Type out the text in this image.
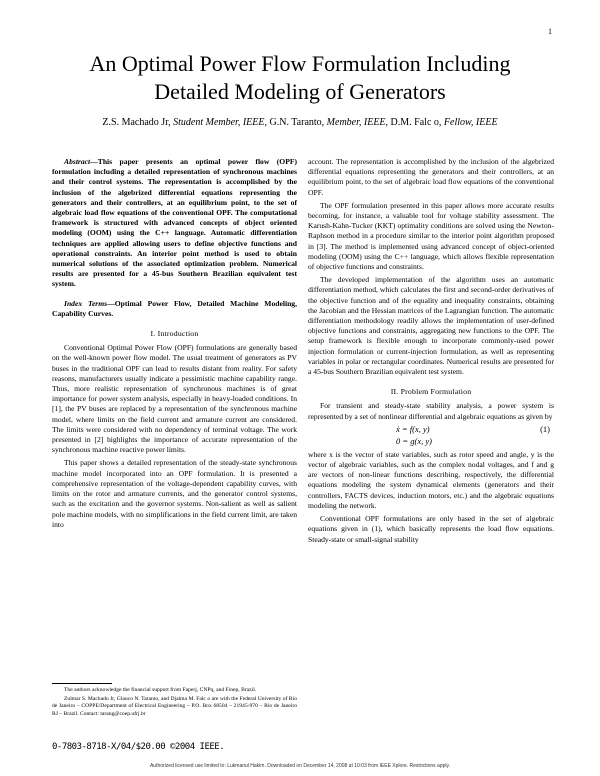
1
An Optimal Power Flow Formulation Including
Detailed Modeling of Generators
Z.S. Machado Jr, Student Member, IEEE, G.N. Taranto, Member, IEEE, D.M. Falc o, Fellow, IEEE

Abstract—This paper presents an optimal power flow (OPF) formulation including a detailed representation of synchronous machines and their control systems. The representation is accomplished by the inclusion of the algebrized differential equations representing the generators and their controllers, at an equilibrium point, to the set of algebraic load flow equations of the conventional OPF. The computational framework is structured with advanced concepts of object oriented modeling (OOM) using the C++ language. Automatic differentiation techniques are applied allowing users to define objective functions and operational constraints. An interior point method is used to obtain numerical solutions of the associated optimization problem. Numerical results are presented for a 45-bus Southern Brazilian equivalent test system.

Index Terms—Optimal Power Flow, Detailed Machine Modeling, Capability Curves.

I. Introduction

Conventional Optimal Power Flow (OPF) formulations are generally based on the well-known power flow model. The usual treatment of generators as PV buses in the traditional OPF can lead to results distant from reality. For safety reasons, manufacturers usually indicate a pessimistic machine capability range. Thus, more realistic representation of synchronous machines is of great importance for power system analysis, especially in heavy-loaded conditions. In [1], the PV buses are replaced by a representation of the synchronous machine model, where limits on the field current and armature current are considered. The limits were considered with no dependency of terminal voltage. The work presented in [2] highlights the importance of accurate representation of the synchronous machine reactive power limits.

This paper shows a detailed representation of the steady-state synchronous machine model incorporated into an OPF formulation. It is presented a comprehensive representation of the voltage-dependent capability curves, with limits on the rotor and armature currents, and the generator control systems, such as the excitation and the governor systems. Non-salient as well as salient pole machine models, with no simplifications in the field current limit, are taken into

The authors acknowledge the financial support from Faperj, CNPq, and Finep, Brazil.

Zulmar S. Machado Jr, Glauco N. Taranto, and Djalma M. Falc o are with the Federal University of Rio de Janeiro – COPPE/Department of Electrical Engineering – P.O. Box 68504 – 21945-970 – Rio de Janeiro RJ – Brazil. Contact: tarang@coep.ufrj.br

account. The representation is accomplished by the inclusion of the algebrized differential equations representing the generators and their controllers, at an equilibrium point, to the set of algebraic load flow equations of the conventional OPF.

The OPF formulation presented in this paper allows more accurate results becoming, for instance, a valuable tool for voltage stability assessment. The Karush-Kahn-Tucker (KKT) optimality conditions are solved using the Newton-Raphson method in a procedure similar to the interior point algorithm proposed in [3]. The method is implemented using advanced concept of object-oriented modeling (OOM) using the C++ language, which allows flexible representation of objective functions and constraints.

The developed implementation of the algorithm uses an automatic differentiation method, which calculates the first and second-order derivatives of the objective function and of the equality and inequality constraints, obtaining the Jacobian and the Hessian matrices of the Lagrangian function. The automatic differentiation methodology readily allows the implementation of user-defined objective functions and constraints, aggregating new functions to the OPF. The setup framework is flexible enough to incorporate commonly-used power injection formulation or current-injection formulation, as well as representing variables in polar or rectangular coordinates. Numerical results are presented for a 45-bus Southern Brazilian equivalent test system.

II. Problem Formulation

For transient and steady-state stability analysis, a power system is represented by a set of nonlinear differential and algebraic equations as given by

ẋ = f(x, y)
0 = g(x, y)
(1)

where x is the vector of state variables, such as rotor speed and angle, y is the vector of algebraic variables, such as the complex nodal voltages, and f and g are vectors of non-linear functions describing, respectively, the differential equations modeling the system dynamical elements (generators and their controllers, FACTS devices, induction motors, etc.) and the algebraic equations modeling the network.

Conventional OPF formulations are only based in the set of algebraic equations given in (1), which basically represents the load flow equations. Steady-state or small-signal stability

0-7803-8718-X/04/$20.00 ©2004 IEEE.
Authorized licensed use limited to: Lukmanul Hakim. Downloaded on December 14, 2008 at 10:03 from IEEE Xplore. Restrictions apply.
